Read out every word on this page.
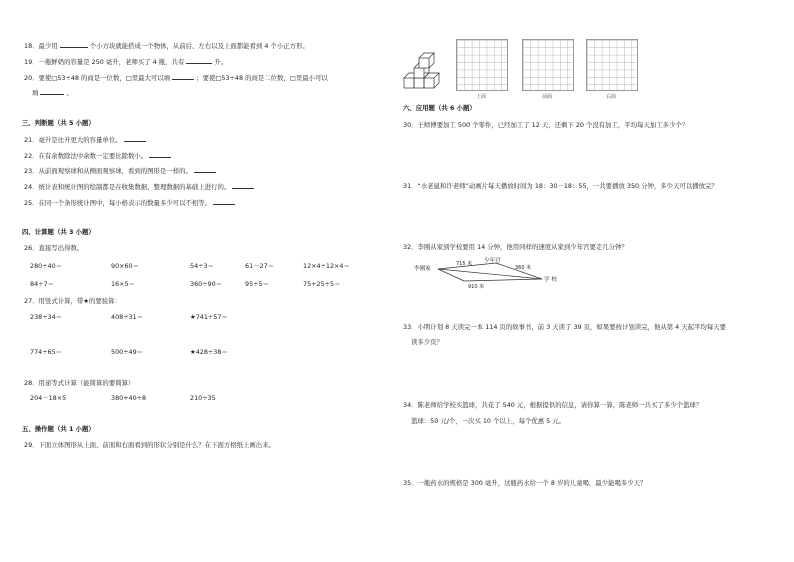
18．最少用	个小方块就能搭成一个物体，从前后、左右以及上面都能看到 4 个小正方形。
19．一瓶鲜奶的容量是 250 毫升，老师买了 4 瓶，共有	升。
20．要使□53÷48 的商是一位数，□里最大可以填	；要使□53÷48 的商是二位数，□里最小可以
填	。
三、判断题（共 5 小题）
21．毫升是比升更大的容量单位。
22．在有余数除法中余数一定要比除数小。
23．从前面观察球和从侧面观察球，看到的图形是一样的。
24．统计表和统计图的绘制都是在收集数据、整理数据的基础上进行的。
25．在同一个条形统计图中，每小格表示的数量多少可以不相等。
四、计算题（共 3 小题）
26．直接写出得数。
280÷40＝	90×60＝	54÷3＝	61－27＝	12×4÷12×4＝
84÷7＝	16×5＝	360÷90＝	95÷5＝	75+25÷5＝
27．用竖式计算，带★的要验算：
238÷34＝	408÷31＝	★741÷57＝
774÷65＝	500÷49＝	★428÷38＝
28．用递等式计算（能简算的要简算）
204－18×5	380+40÷8	210÷35
五、操作题（共 1 小题）
29．下面立体图形从上面、前面和右面看到的形状分别是什么？在下面方格纸上画出来。
上面	前面	右面
六、应用题（共 6 小题）
30．王师傅要加工 500 个零件，已经加工了 12 天，还剩下 20 个没有加工，平均每天加工多少个？
31．“水老鼠和许老师”动画片每天播放时间为 18：30－18：55，一共要播放 350 分钟，多少天可以播放完？
32．李刚从家到学校要用 14 分钟，他用同样的速度从家到少年宫要走几分钟？
李刚家
少年宫
学 校
715 米
360 米
910 米
33．小明计划 8 天读完一本 114 页的故事书，前 3 天读了 39 页，如果要按计划读完，他从第 4 天起平均每天要
读多少页？
34．陈老师给学校买篮球，共花了 540 元，根据提供的信息，请你算一算，陈老师一共买了多少个篮球？
篮球：50 元/个，一次买 10 个以上，每个优惠 5 元。
35．一瓶药水的规格是 300 毫升，这瓶药水给一个 8 岁的儿童喝，最少能喝多少天？
